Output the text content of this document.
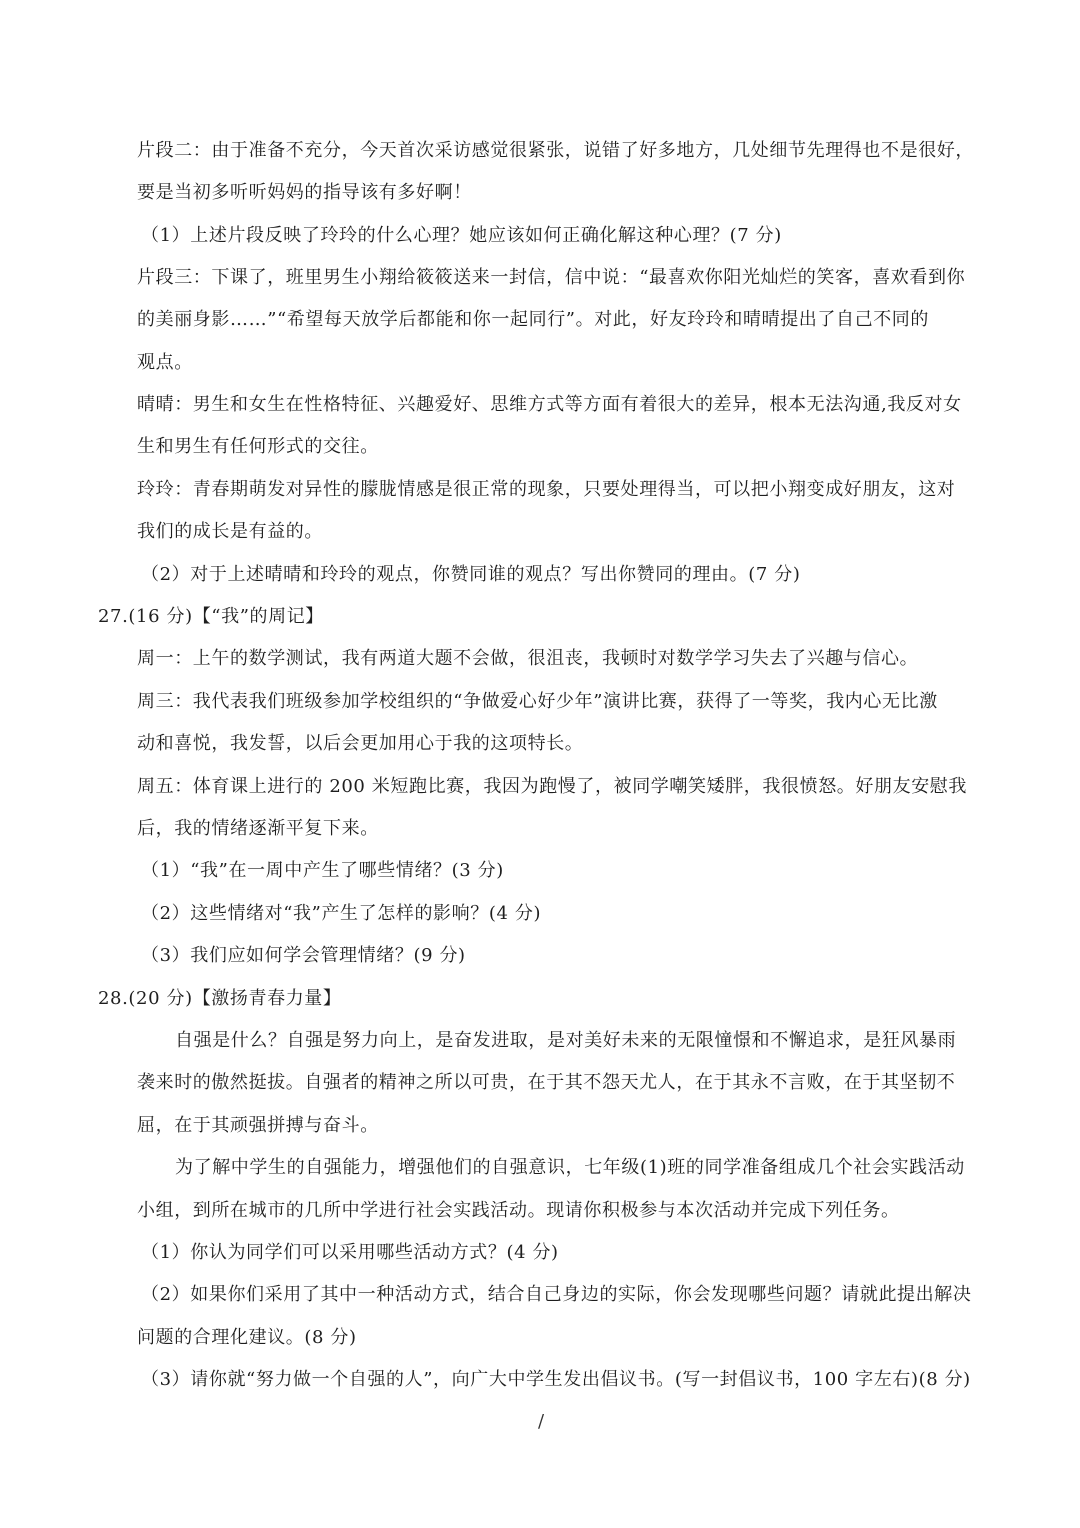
片段二：由于准备不充分，今天首次采访感觉很紧张，说错了好多地方，几处细节先理得也不是很好，
要是当初多听听妈妈的指导该有多好啊！
（1）上述片段反映了玲玲的什么心理？她应该如何正确化解这种心理？(7 分)
片段三：下课了，班里男生小翔给筱筱送来一封信，信中说：“最喜欢你阳光灿烂的笑客，喜欢看到你
的美丽身影……”“希望每天放学后都能和你一起同行”。对此，好友玲玲和晴晴提出了自己不同的
观点。
晴晴：男生和女生在性格特征、兴趣爱好、思维方式等方面有着很大的差异，根本无法沟通,我反对女
生和男生有任何形式的交往。
玲玲：青春期萌发对异性的朦胧情感是很正常的现象，只要处理得当，可以把小翔变成好朋友，这对
我们的成长是有益的。
（2）对于上述晴晴和玲玲的观点，你赞同谁的观点？写出你赞同的理由。(7 分)
27.(16 分)【“我”的周记】
周一：上午的数学测试，我有两道大题不会做，很沮丧，我顿时对数学学习失去了兴趣与信心。
周三：我代表我们班级参加学校组织的“争做爱心好少年”演讲比赛，获得了一等奖，我内心无比激
动和喜悦，我发誓，以后会更加用心于我的这项特长。
周五：体育课上进行的 200 米短跑比赛，我因为跑慢了，被同学嘲笑矮胖，我很愤怒。好朋友安慰我
后，我的情绪逐渐平复下来。
（1）“我”在一周中产生了哪些情绪？(3 分)
（2）这些情绪对“我”产生了怎样的影响？(4 分)
（3）我们应如何学会管理情绪？(9 分)
28.(20 分)【激扬青春力量】
自强是什么？自强是努力向上，是奋发进取，是对美好未来的无限憧憬和不懈追求，是狂风暴雨
袭来时的傲然挺拔。自强者的精神之所以可贵，在于其不怨天尤人，在于其永不言败，在于其坚韧不
屈，在于其顽强拼搏与奋斗。
为了解中学生的自强能力，增强他们的自强意识，七年级(1)班的同学准备组成几个社会实践活动
小组，到所在城市的几所中学进行社会实践活动。现请你积极参与本次活动并完成下列任务。
（1）你认为同学们可以采用哪些活动方式？(4 分)
（2）如果你们采用了其中一种活动方式，结合自己身边的实际，你会发现哪些问题？请就此提出解决
问题的合理化建议。(8 分)
（3）请你就“努力做一个自强的人”，向广大中学生发出倡议书。(写一封倡议书，100 字左右)(8 分)
/
